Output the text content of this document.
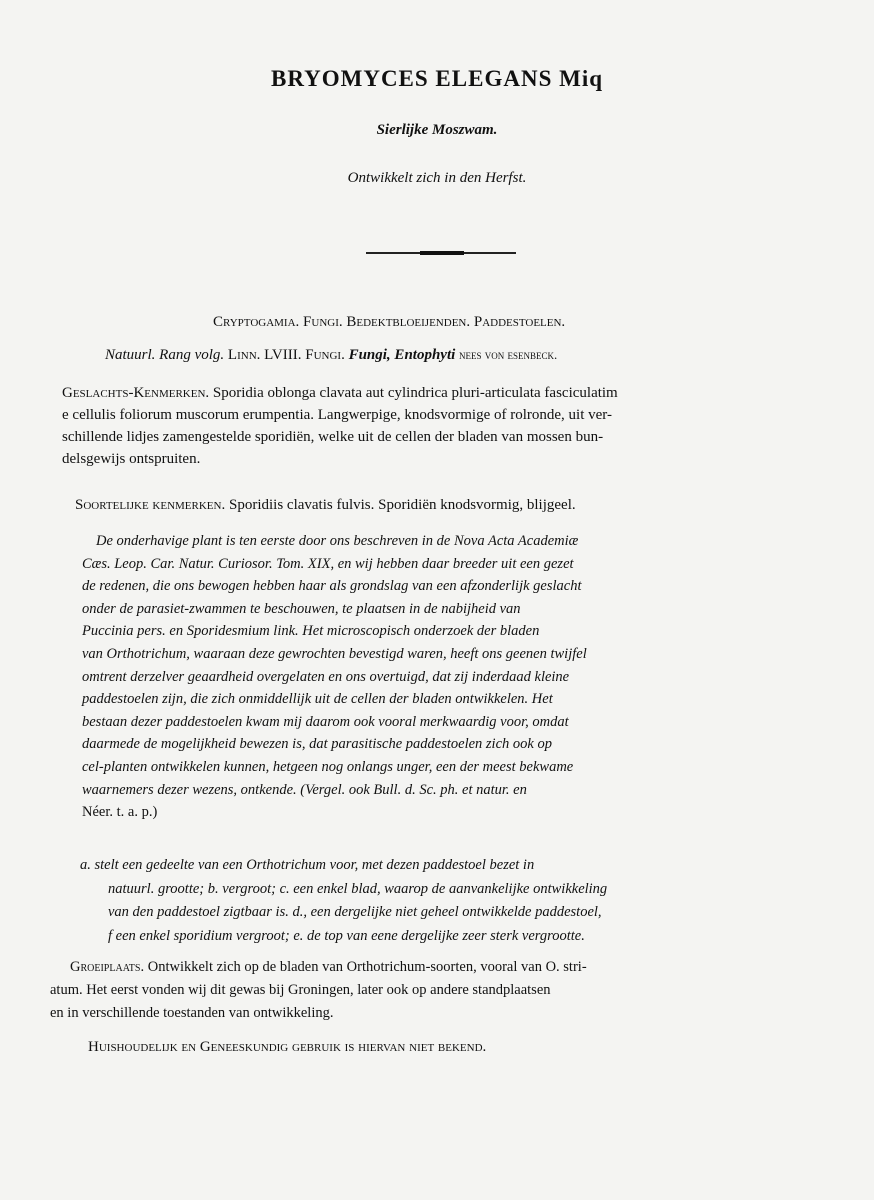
BRYOMYCES ELEGANS Miq
Sierlijke Moszwam.
Ontwikkelt zich in den Herfst.
Cryptogamia. Fungi. Bedektbloeijenden. Paddestoelen.
Natuurl. Rang volg. Linn. LVIII. Fungi. Fungi, Entophyti nees von esenbeck.
Geslachts-Kenmerken. Sporidia oblonga clavata aut cylindrica pluri-articulata fasciculatim
e cellulis foliorum muscorum erumpentia. Langwerpige, knodsvormige of rolronde, uit ver-
schillende lidjes zamengestelde sporidiën, welke uit de cellen der bladen van mossen bun-
delsgewijs ontspruiten.
Soortelijke kenmerken. Sporidiis clavatis fulvis. Sporidiën knodsvormig, blijgeel.
De onderhavige plant is ten eerste door ons beschreven in de Nova Acta Academiæ
Cæs. Leop. Car. Natur. Curiosor. Tom. XIX, en wij hebben daar breeder uit een gezet
de redenen, die ons bewogen hebben haar als grondslag van een afzonderlijk geslacht
onder de parasiet-zwammen te beschouwen, te plaatsen in de nabijheid van
Puccinia pers. en Sporidesmium link. Het microscopisch onderzoek der bladen
van Orthotrichum, waaraan deze gewrochten bevestigd waren, heeft ons geenen twijfel
omtrent derzelver geaardheid overgelaten en ons overtuigd, dat zij inderdaad kleine
paddestoelen zijn, die zich onmiddellijk uit de cellen der bladen ontwikkelen. Het
bestaan dezer paddestoelen kwam mij daarom ook vooral merkwaardig voor, omdat
daarmede de mogelijkheid bewezen is, dat parasitische paddestoelen zich ook op
cel-planten ontwikkelen kunnen, hetgeen nog onlangs unger, een der meest bekwame
waarnemers dezer wezens, ontkende. (Vergel. ook Bull. d. Sc. ph. et natur. en
Néer. t. a. p.)
a. stelt een gedeelte van een Orthotrichum voor, met dezen paddestoel bezet in
natuurl. grootte; b. vergroot; c. een enkel blad, waarop de aanvankelijke ontwikkeling
van den paddestoel zigtbaar is. d., een dergelijke niet geheel ontwikkelde paddestoel,
f een enkel sporidium vergroot; e. de top van eene dergelijke zeer sterk vergrootte.
Groeiplaats. Ontwikkelt zich op de bladen van Orthotrichum-soorten, vooral van O. stri-
atum. Het eerst vonden wij dit gewas bij Groningen, later ook op andere standplaatsen
en in verschillende toestanden van ontwikkeling.
Huishoudelijk en Geneeskundig gebruik is hiervan niet bekend.
